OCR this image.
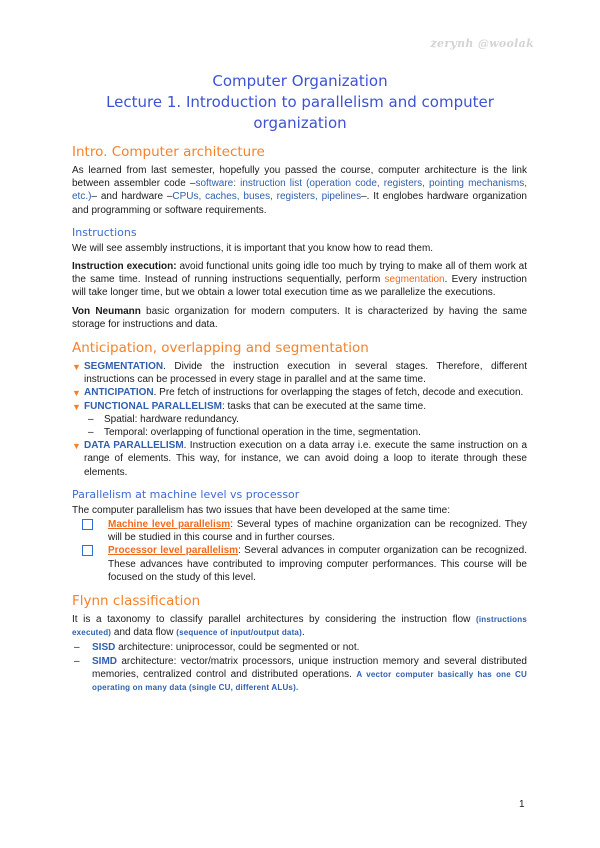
zerynh @woolak
Computer Organization
Lecture 1. Introduction to parallelism and computer
organization
Intro. Computer architecture

As learned from last semester, hopefully you passed the course, computer architecture is the link between assembler code –software: instruction list (operation code, registers, pointing mechanisms, etc.)– and hardware –CPUs, caches, buses, registers, pipelines–. It englobes hardware organization and programming or software requirements.

Instructions

We will see assembly instructions, it is important that you know how to read them.

Instruction execution: avoid functional units going idle too much by trying to make all of them work at the same time. Instead of running instructions sequentially, perform segmentation. Every instruction will take longer time, but we obtain a lower total execution time as we parallelize the executions.

Von Neumann basic organization for modern computers. It is characterized by having the same storage for instructions and data.

Anticipation, overlapping and segmentation
▼ SEGMENTATION. Divide the instruction execution in several stages. Therefore, different instructions can be processed in every stage in parallel and at the same time.
▼ ANTICIPATION. Pre fetch of instructions for overlapping the stages of fetch, decode and execution.
▼ FUNCTIONAL PARALLELISM: tasks that can be executed at the same time.
– Spatial: hardware redundancy.
– Temporal: overlapping of functional operation in the time, segmentation.
▼ DATA PARALLELISM. Instruction execution on a data array i.e. execute the same instruction on a range of elements. This way, for instance, we can avoid doing a loop to iterate through these elements.
Parallelism at machine level vs processor

The computer parallelism has two issues that have been developed at the same time:

Machine level parallelism: Several types of machine organization can be recognized. They will be studied in this course and in further courses.
Processor level parallelism: Several advances in computer organization can be recognized. These advances have contributed to improving computer performances. This course will be focused on the study of this level.
Flynn classification

It is a taxonomy to classify parallel architectures by considering the instruction flow (instructions executed) and data flow (sequence of input/output data).

– SISD architecture: uniprocessor, could be segmented or not.
– SIMD architecture: vector/matrix processors, unique instruction memory and several distributed memories, centralized control and distributed operations. A vector computer basically has one CU operating on many data (single CU, different ALUs).
1
